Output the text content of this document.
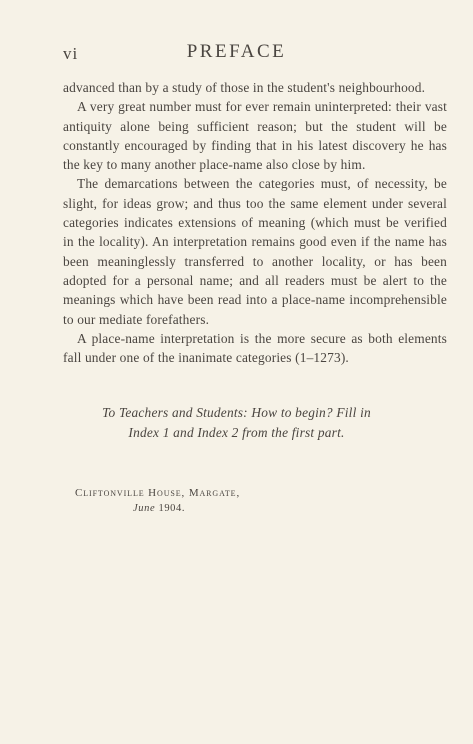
vi	PREFACE

advanced than by a study of those in the student's neighbourhood.

A very great number must for ever remain uninterpreted: their vast antiquity alone being sufficient reason; but the student will be constantly encouraged by finding that in his latest discovery he has the key to many another place-name also close by him.

The demarcations between the categories must, of necessity, be slight, for ideas grow; and thus too the same element under several categories indicates extensions of meaning (which must be verified in the locality). An interpretation remains good even if the name has been meaninglessly transferred to another locality, or has been adopted for a personal name; and all readers must be alert to the meanings which have been read into a place-name incomprehensible to our mediate forefathers.

A place-name interpretation is the more secure as both elements fall under one of the inanimate categories (1–1273).

To Teachers and Students: How to begin? Fill in
Index 1 and Index 2 from the first part.
Cliftonville House, Margate,
June 1904.
